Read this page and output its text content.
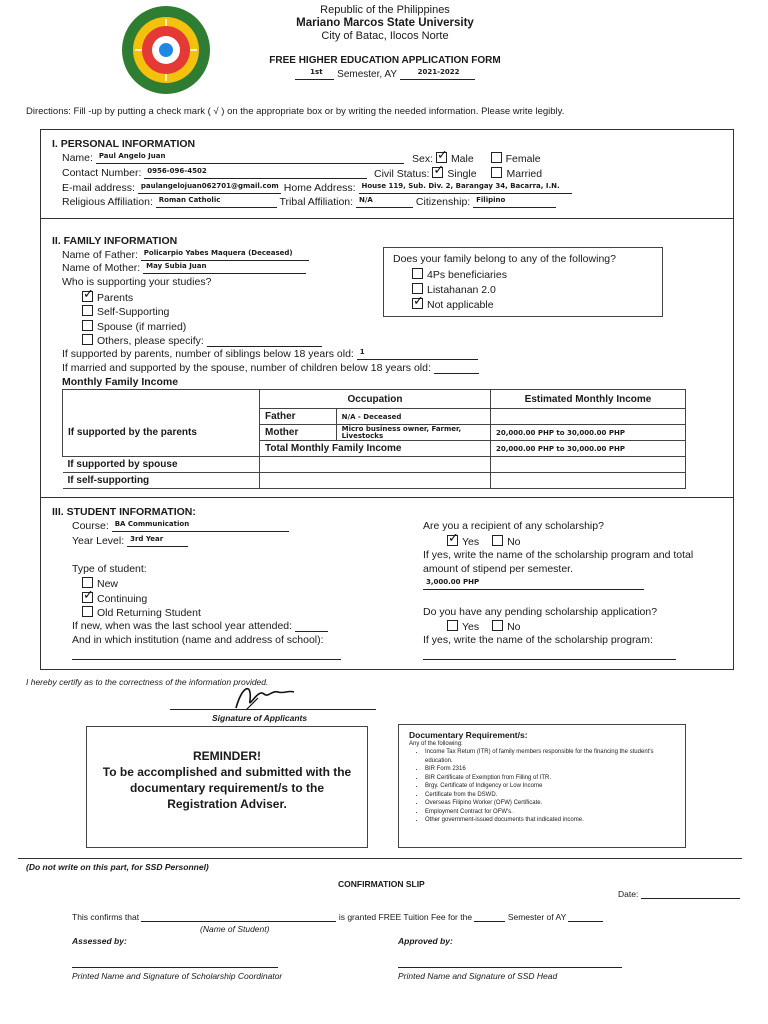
Republic of the Philippines
Mariano Marcos State University
City of Batac, Ilocos Norte
FREE HIGHER EDUCATION APPLICATION FORM
1st Semester, AY	2021-2022
Directions: Fill -up by putting a check mark ( √ ) on the appropriate box or by writing the needed information. Please write legibly.
I. PERSONAL INFORMATION
Name: Paul Angelo Juan	Sex: ✓ Male	Female
Contact Number: 0956-096-4502	Civil Status: ✓ Single	Married
E-mail address: paulangelojuan062701@gmail.com Home Address: House 119, Sub. Div. 2, Barangay 34, Bacarra, I.N.
Religious Affiliation: Roman Catholic	Tribal Affiliation: N/A	Citizenship: Filipino
II. FAMILY INFORMATION
Name of Father: Policarpio Yabes Maquera (Deceased)
Name of Mother: May Subia Juan
Who is supporting your studies?
✓Parents
Self-Supporting
Spouse (if married)
Others, please specify:
If supported by parents, number of siblings below 18 years old: 1
If married and supported by the spouse, number of children below 18 years old:
Does your family belong to any of the following?
4Ps beneficiaries
Listahanan 2.0
✓Not applicable
Monthly Family Income
	Occupation		Estimated Monthly Income
If supported by the parents	Father	N/A - Deceased	
	Mother	Micro business owner, Farmer, Livestocks	20,000.00 PHP to 30,000.00 PHP
	Total Monthly Family Income		20,000.00 PHP to 30,000.00 PHP
If supported by spouse			
If self-supporting			
III. STUDENT INFORMATION:
Course: BA Communication
Year Level: 3rd Year
Type of student:
New
✓Continuing
Old Returning Student
If new, when was the last school year attended:
And in which institution (name and address of school):
Are you a recipient of any scholarship?
✓Yes	No
If yes, write the name of the scholarship program and total
amount of stipend per semester.
3,000.00 PHP
Do you have any pending scholarship application?
Yes	No
If yes, write the name of the scholarship program:
I hereby certify as to the correctness of the information provided.
Signature of Applicants
REMINDER!
To be accomplished and submitted with the
documentary requirement/s to the
Registration Adviser.
Documentary Requirement/s:
Any of the following:
• Income Tax Return (ITR) of family members responsible for the financing the student's education.
• BIR Form 2316
• BIR Certificate of Exemption from Filling of ITR.
• Brgy. Certificate of Indigency or Low Income
• Certificate from the DSWD.
• Overseas Filipino Worker (OFW) Certificate.
• Employment Contract for OFW's.
• Other government-issued documents that indicated income.
(Do not write on this part, for SSD Personnel)
CONFIRMATION SLIP
Date:
This confirms that	is granted FREE Tuition Fee for the	Semester of AY
(Name of Student)
Assessed by:	Approved by:
Printed Name and Signature of Scholarship Coordinator	Printed Name and Signature of SSD Head
